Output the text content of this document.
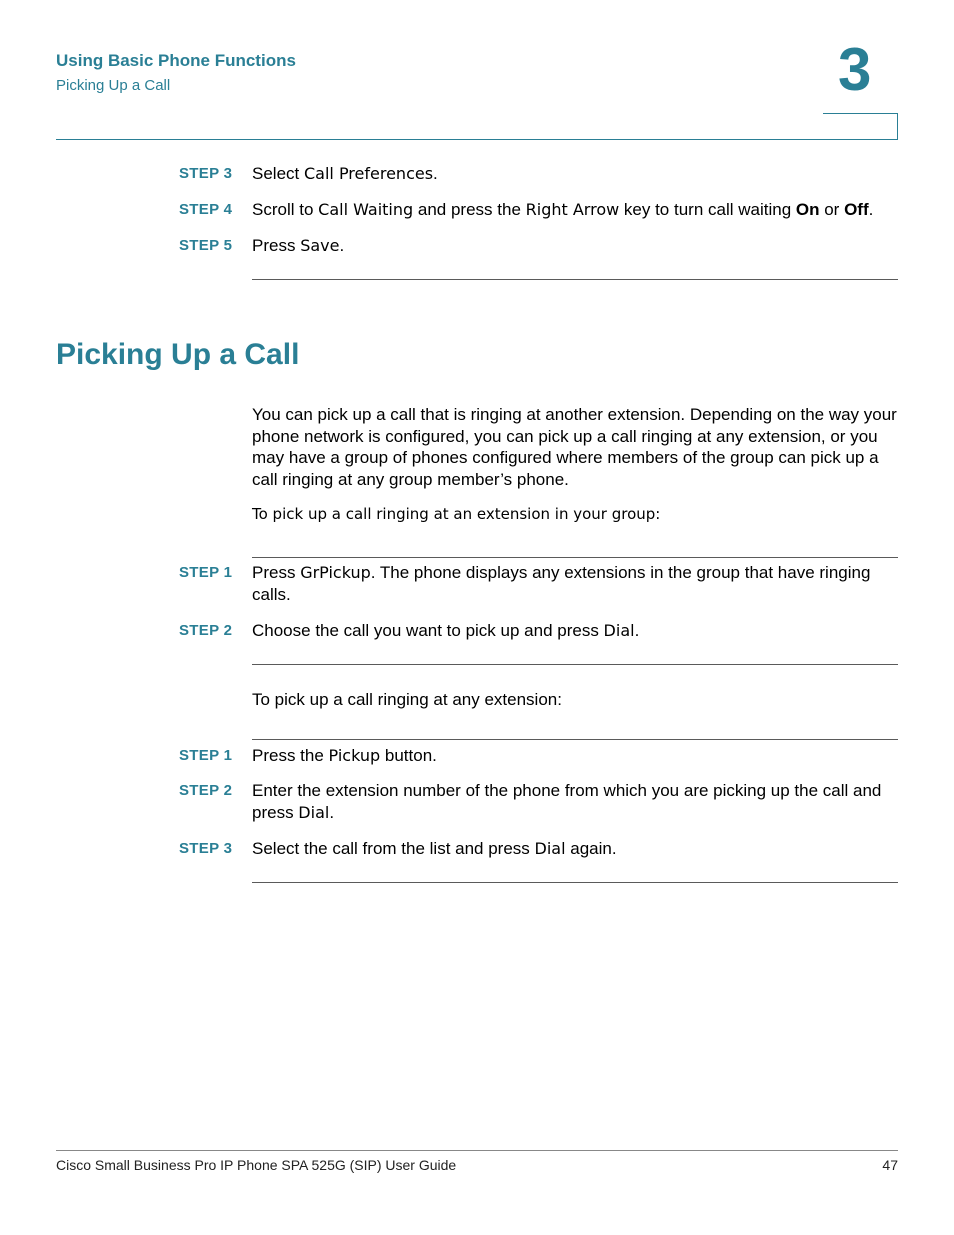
Using Basic Phone Functions
Picking Up a Call	3
STEP 3 Select Call Preferences.
STEP 4 Scroll to Call Waiting and press the Right Arrow key to turn call waiting On or Off.
STEP 5 Press Save.
Picking Up a Call
You can pick up a call that is ringing at another extension. Depending on the way your phone network is configured, you can pick up a call ringing at any extension, or you may have a group of phones configured where members of the group can pick up a call ringing at any group member’s phone.
To pick up a call ringing at an extension in your group:
STEP 1 Press GrPickup. The phone displays any extensions in the group that have ringing calls.
STEP 2 Choose the call you want to pick up and press Dial.
To pick up a call ringing at any extension:
STEP 1 Press the Pickup button.
STEP 2 Enter the extension number of the phone from which you are picking up the call and press Dial.
STEP 3 Select the call from the list and press Dial again.
Cisco Small Business Pro IP Phone SPA 525G (SIP) User Guide	47
